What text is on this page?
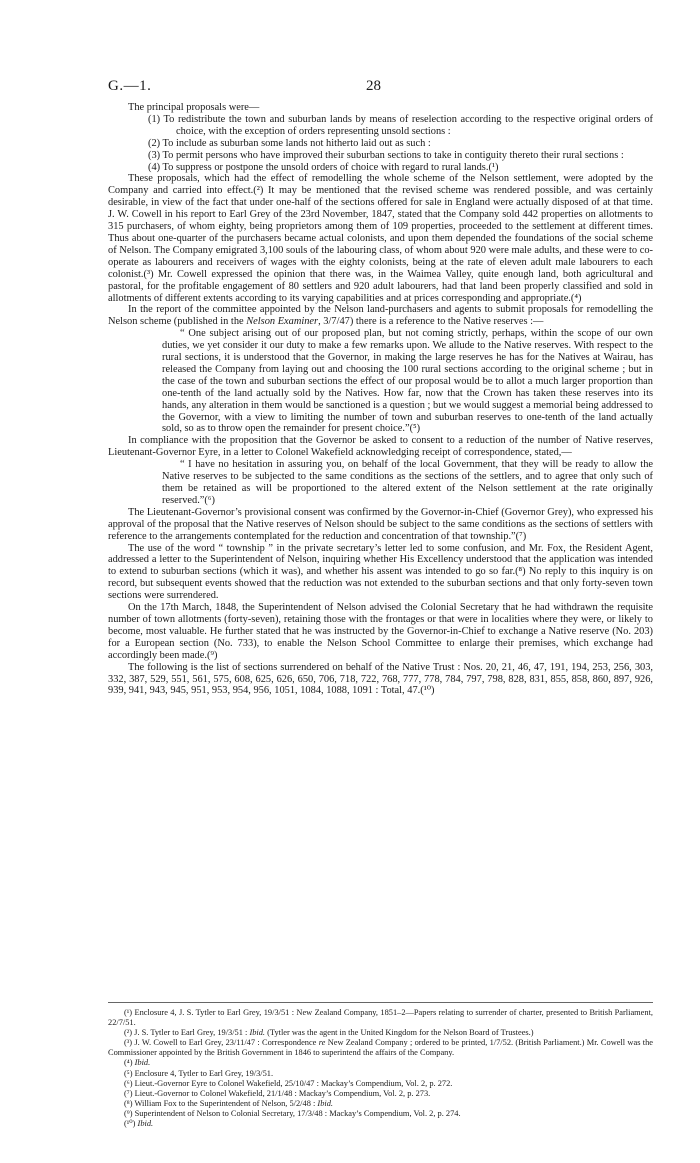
G.—1.	28

The principal proposals were—

(1) To redistribute the town and suburban lands by means of reselection according to the respective original orders of choice, with the exception of orders representing unsold sections :
(2) To include as suburban some lands not hitherto laid out as such :
(3) To permit persons who have improved their suburban sections to take in contiguity thereto their rural sections :
(4) To suppress or postpone the unsold orders of choice with regard to rural lands.(¹)

These proposals, which had the effect of remodelling the whole scheme of the Nelson settlement, were adopted by the Company and carried into effect.(²) It may be mentioned that the revised scheme was rendered possible, and was certainly desirable, in view of the fact that under one-half of the sections offered for sale in England were actually disposed of at that time. J. W. Cowell in his report to Earl Grey of the 23rd November, 1847, stated that the Company sold 442 properties on allotments to 315 purchasers, of whom eighty, being proprietors among them of 109 properties, proceeded to the settlement at different times. Thus about one-quarter of the purchasers became actual colonists, and upon them depended the foundations of the social scheme of Nelson. The Company emigrated 3,100 souls of the labouring class, of whom about 920 were male adults, and these were to co-operate as labourers and receivers of wages with the eighty colonists, being at the rate of eleven adult male labourers to each colonist.(³) Mr. Cowell expressed the opinion that there was, in the Waimea Valley, quite enough land, both agricultural and pastoral, for the profitable engagement of 80 settlers and 920 adult labourers, had that land been properly classified and sold in allotments of different extents according to its varying capabilities and at prices corresponding and appropriate.(⁴)

In the report of the committee appointed by the Nelson land-purchasers and agents to submit proposals for remodelling the Nelson scheme (published in the Nelson Examiner, 3/7/47) there is a reference to the Native reserves :—

“ One subject arising out of our proposed plan, but not coming strictly, perhaps, within the scope of our own duties, we yet consider it our duty to make a few remarks upon. We allude to the Native reserves. With respect to the rural sections, it is understood that the Governor, in making the large reserves he has for the Natives at Wairau, has released the Company from laying out and choosing the 100 rural sections according to the original scheme ; but in the case of the town and suburban sections the effect of our proposal would be to allot a much larger proportion than one-tenth of the land actually sold by the Natives. How far, now that the Crown has taken these reserves into its hands, any alteration in them would be sanctioned is a question ; but we would suggest a memorial being addressed to the Governor, with a view to limiting the number of town and suburban reserves to one-tenth of the land actually sold, so as to throw open the remainder for present choice.”(⁵)

In compliance with the proposition that the Governor be asked to consent to a reduction of the number of Native reserves, Lieutenant-Governor Eyre, in a letter to Colonel Wakefield acknowledging receipt of correspondence, stated,—

“ I have no hesitation in assuring you, on behalf of the local Government, that they will be ready to allow the Native reserves to be subjected to the same conditions as the sections of the settlers, and to agree that only such of them be retained as will be proportioned to the altered extent of the Nelson settlement at the rate originally reserved.”(⁶)

The Lieutenant-Governor’s provisional consent was confirmed by the Governor-in-Chief (Governor Grey), who expressed his approval of the proposal that the Native reserves of Nelson should be subject to the same conditions as the sections of settlers with reference to the arrangements contemplated for the reduction and concentration of that township.”(⁷)

The use of the word “ township ” in the private secretary’s letter led to some confusion, and Mr. Fox, the Resident Agent, addressed a letter to the Superintendent of Nelson, inquiring whether His Excellency understood that the application was intended to extend to suburban sections (which it was), and whether his assent was intended to go so far.(⁸) No reply to this inquiry is on record, but subsequent events showed that the reduction was not extended to the suburban sections and that only forty-seven town sections were surrendered.

On the 17th March, 1848, the Superintendent of Nelson advised the Colonial Secretary that he had withdrawn the requisite number of town allotments (forty-seven), retaining those with the frontages or that were in localities where they were, or likely to become, most valuable. He further stated that he was instructed by the Governor-in-Chief to exchange a Native reserve (No. 203) for a European section (No. 733), to enable the Nelson School Committee to enlarge their premises, which exchange had accordingly been made.(⁹)

The following is the list of sections surrendered on behalf of the Native Trust : Nos. 20, 21, 46, 47, 191, 194, 253, 256, 303, 332, 387, 529, 551, 561, 575, 608, 625, 626, 650, 706, 718, 722, 768, 777, 778, 784, 797, 798, 828, 831, 855, 858, 860, 897, 926, 939, 941, 943, 945, 951, 953, 954, 956, 1051, 1084, 1088, 1091 : Total, 47.(¹⁰)

(¹) Enclosure 4, J. S. Tytler to Earl Grey, 19/3/51 : New Zealand Company, 1851–2—Papers relating to surrender of charter, presented to British Parliament, 22/7/51.

(²) J. S. Tytler to Earl Grey, 19/3/51 : Ibid. (Tytler was the agent in the United Kingdom for the Nelson Board of Trustees.)

(³) J. W. Cowell to Earl Grey, 23/11/47 : Correspondence re New Zealand Company ; ordered to be printed, 1/7/52. (British Parliament.) Mr. Cowell was the Commissioner appointed by the British Government in 1846 to superintend the affairs of the Company.

(⁴) Ibid.

(⁵) Enclosure 4, Tytler to Earl Grey, 19/3/51.

(⁶) Lieut.-Governor Eyre to Colonel Wakefield, 25/10/47 : Mackay’s Compendium, Vol. 2, p. 272.

(⁷) Lieut.-Governor to Colonel Wakefield, 21/1/48 : Mackay’s Compendium, Vol. 2, p. 273.

(⁸) William Fox to the Superintendent of Nelson, 5/2/48 : Ibid.

(⁹) Superintendent of Nelson to Colonial Secretary, 17/3/48 : Mackay’s Compendium, Vol. 2, p. 274.

(¹⁰) Ibid.
